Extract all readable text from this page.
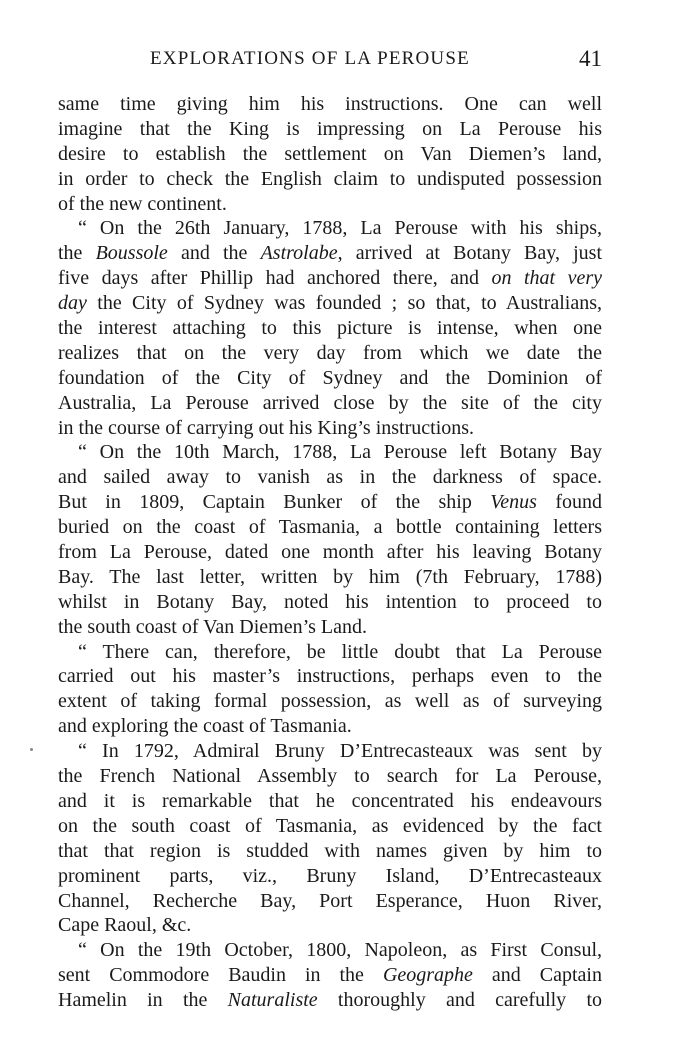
EXPLORATIONS OF LA PEROUSE	41
same time giving him his instructions. One can well
imagine that the King is impressing on La Perouse his
desire to establish the settlement on Van Diemen’s land,
in order to check the English claim to undisputed possession
of the new continent.
“ On the 26th January, 1788, La Perouse with his ships,
the Boussole and the Astrolabe, arrived at Botany Bay, just
five days after Phillip had anchored there, and on that very
day the City of Sydney was founded ; so that, to Australians,
the interest attaching to this picture is intense, when one
realizes that on the very day from which we date the
foundation of the City of Sydney and the Dominion of
Australia, La Perouse arrived close by the site of the city
in the course of carrying out his King’s instructions.
“ On the 10th March, 1788, La Perouse left Botany Bay
and sailed away to vanish as in the darkness of space.
But in 1809, Captain Bunker of the ship Venus found
buried on the coast of Tasmania, a bottle containing letters
from La Perouse, dated one month after his leaving Botany
Bay. The last letter, written by him (7th February, 1788)
whilst in Botany Bay, noted his intention to proceed to
the south coast of Van Diemen’s Land.
“ There can, therefore, be little doubt that La Perouse
carried out his master’s instructions, perhaps even to the
extent of taking formal possession, as well as of surveying
and exploring the coast of Tasmania.
“ In 1792, Admiral Bruny D’Entrecasteaux was sent by
the French National Assembly to search for La Perouse,
and it is remarkable that he concentrated his endeavours
on the south coast of Tasmania, as evidenced by the fact
that that region is studded with names given by him to
prominent parts, viz., Bruny Island, D’Entrecasteaux
Channel, Recherche Bay, Port Esperance, Huon River,
Cape Raoul, &c.
“ On the 19th October, 1800, Napoleon, as First Consul,
sent Commodore Baudin in the Geographe and Captain
Hamelin in the Naturaliste thoroughly and carefully to
